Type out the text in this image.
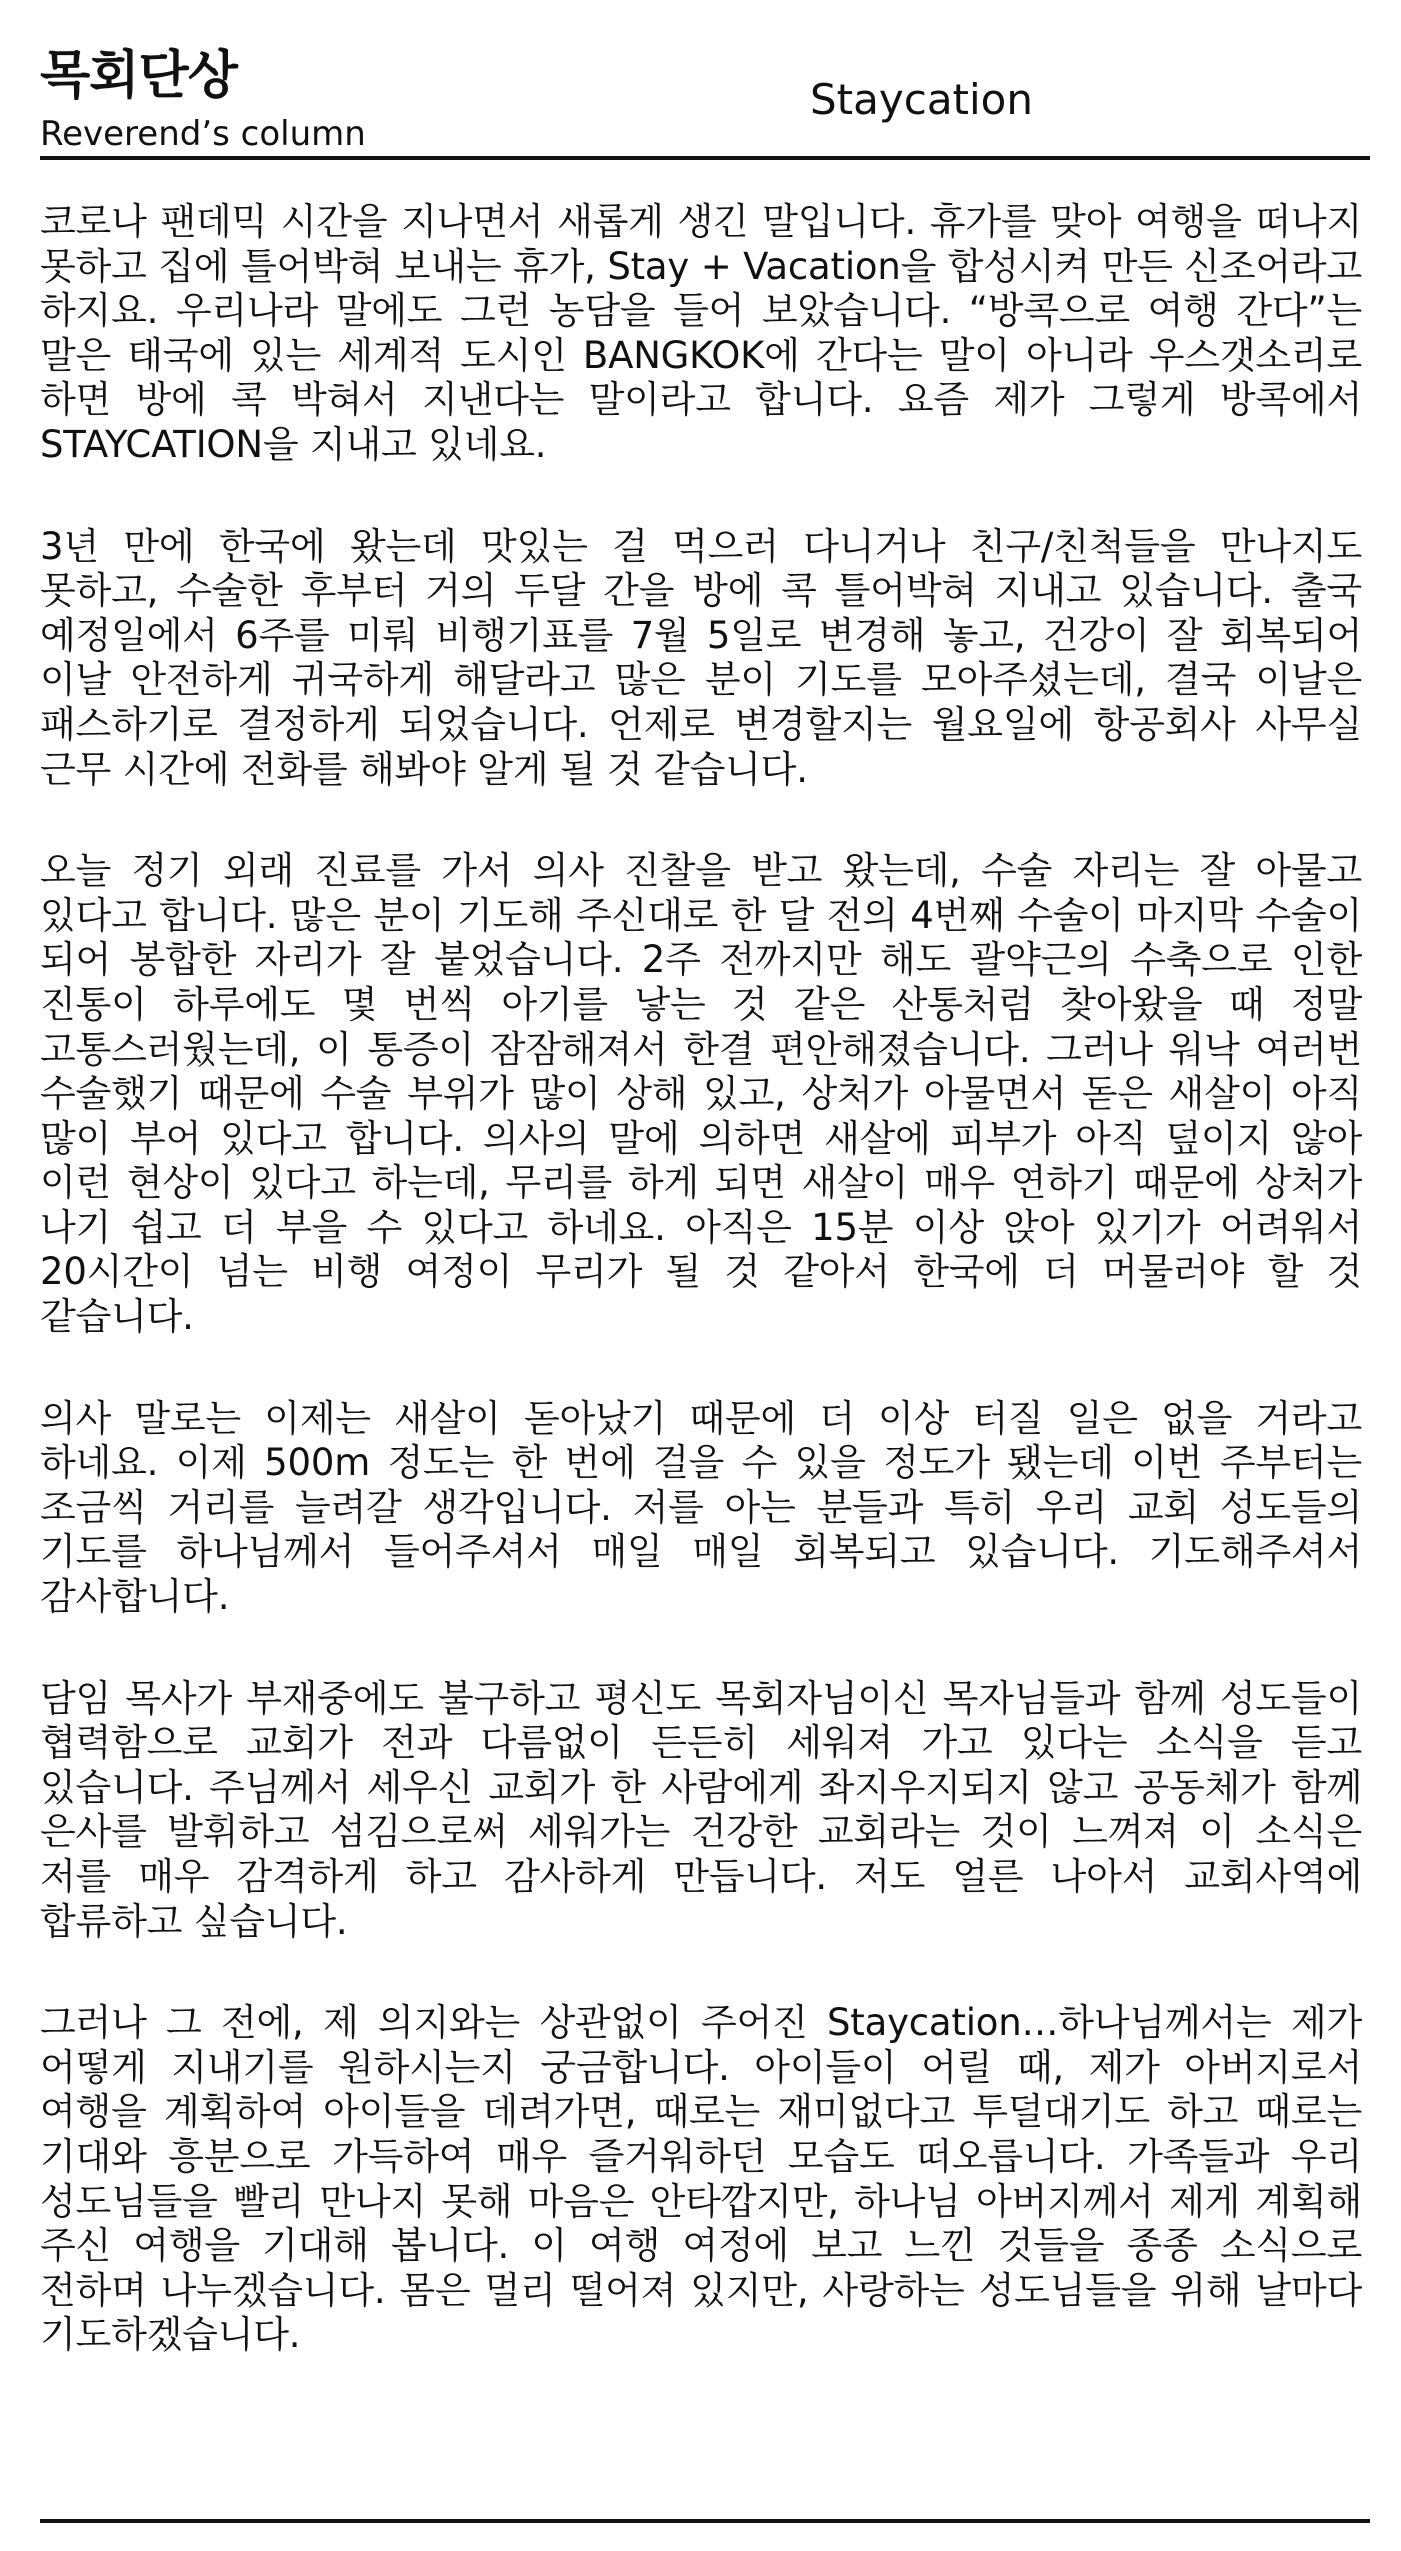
목회단상
Reverend’s column
Staycation

코로나 팬데믹 시간을 지나면서 새롭게 생긴 말입니다. 휴가를 맞아 여행을 떠나지 못하고 집에 틀어박혀 보내는 휴가, Stay + Vacation을 합성시켜 만든 신조어라고 하지요. 우리나라 말에도 그런 농담을 들어 보았습니다. “방콕으로 여행 간다”는 말은 태국에 있는 세계적 도시인 BANGKOK에 간다는 말이 아니라 우스갯소리로 하면 방에 콕 박혀서 지낸다는 말이라고 합니다. 요즘 제가 그렇게 방콕에서 STAYCATION을 지내고 있네요.

3년 만에 한국에 왔는데 맛있는 걸 먹으러 다니거나 친구/친척들을 만나지도 못하고, 수술한 후부터 거의 두달 간을 방에 콕 틀어박혀 지내고 있습니다. 출국 예정일에서 6주를 미뤄 비행기표를 7월 5일로 변경해 놓고, 건강이 잘 회복되어 이날 안전하게 귀국하게 해달라고 많은 분이 기도를 모아주셨는데, 결국 이날은 패스하기로 결정하게 되었습니다. 언제로 변경할지는 월요일에 항공회사 사무실 근무 시간에 전화를 해봐야 알게 될 것 같습니다.

오늘 정기 외래 진료를 가서 의사 진찰을 받고 왔는데, 수술 자리는 잘 아물고 있다고 합니다. 많은 분이 기도해 주신대로 한 달 전의 4번째 수술이 마지막 수술이 되어 봉합한 자리가 잘 붙었습니다. 2주 전까지만 해도 괄약근의 수축으로 인한 진통이 하루에도 몇 번씩 아기를 낳는 것 같은 산통처럼 찾아왔을 때 정말 고통스러웠는데, 이 통증이 잠잠해져서 한결 편안해졌습니다. 그러나 워낙 여러번 수술했기 때문에 수술 부위가 많이 상해 있고, 상처가 아물면서 돋은 새살이 아직 많이 부어 있다고 합니다. 의사의 말에 의하면 새살에 피부가 아직 덮이지 않아 이런 현상이 있다고 하는데, 무리를 하게 되면 새살이 매우 연하기 때문에 상처가 나기 쉽고 더 부을 수 있다고 하네요. 아직은 15분 이상 앉아 있기가 어려워서 20시간이 넘는 비행 여정이 무리가 될 것 같아서 한국에 더 머물러야 할 것 같습니다.

의사 말로는 이제는 새살이 돋아났기 때문에 더 이상 터질 일은 없을 거라고 하네요. 이제 500m 정도는 한 번에 걸을 수 있을 정도가 됐는데 이번 주부터는 조금씩 거리를 늘려갈 생각입니다. 저를 아는 분들과 특히 우리 교회 성도들의 기도를 하나님께서 들어주셔서 매일 매일 회복되고 있습니다. 기도해주셔서 감사합니다.

담임 목사가 부재중에도 불구하고 평신도 목회자님이신 목자님들과 함께 성도들이 협력함으로 교회가 전과 다름없이 든든히 세워져 가고 있다는 소식을 듣고 있습니다. 주님께서 세우신 교회가 한 사람에게 좌지우지되지 않고 공동체가 함께 은사를 발휘하고 섬김으로써 세워가는 건강한 교회라는 것이 느껴져 이 소식은 저를 매우 감격하게 하고 감사하게 만듭니다. 저도 얼른 나아서 교회사역에 합류하고 싶습니다.

그러나 그 전에, 제 의지와는 상관없이 주어진 Staycation…하나님께서는 제가 어떻게 지내기를 원하시는지 궁금합니다. 아이들이 어릴 때, 제가 아버지로서 여행을 계획하여 아이들을 데려가면, 때로는 재미없다고 투덜대기도 하고 때로는 기대와 흥분으로 가득하여 매우 즐거워하던 모습도 떠오릅니다. 가족들과 우리 성도님들을 빨리 만나지 못해 마음은 안타깝지만, 하나님 아버지께서 제게 계획해 주신 여행을 기대해 봅니다. 이 여행 여정에 보고 느낀 것들을 종종 소식으로 전하며 나누겠습니다. 몸은 멀리 떨어져 있지만, 사랑하는 성도님들을 위해 날마다 기도하겠습니다.
